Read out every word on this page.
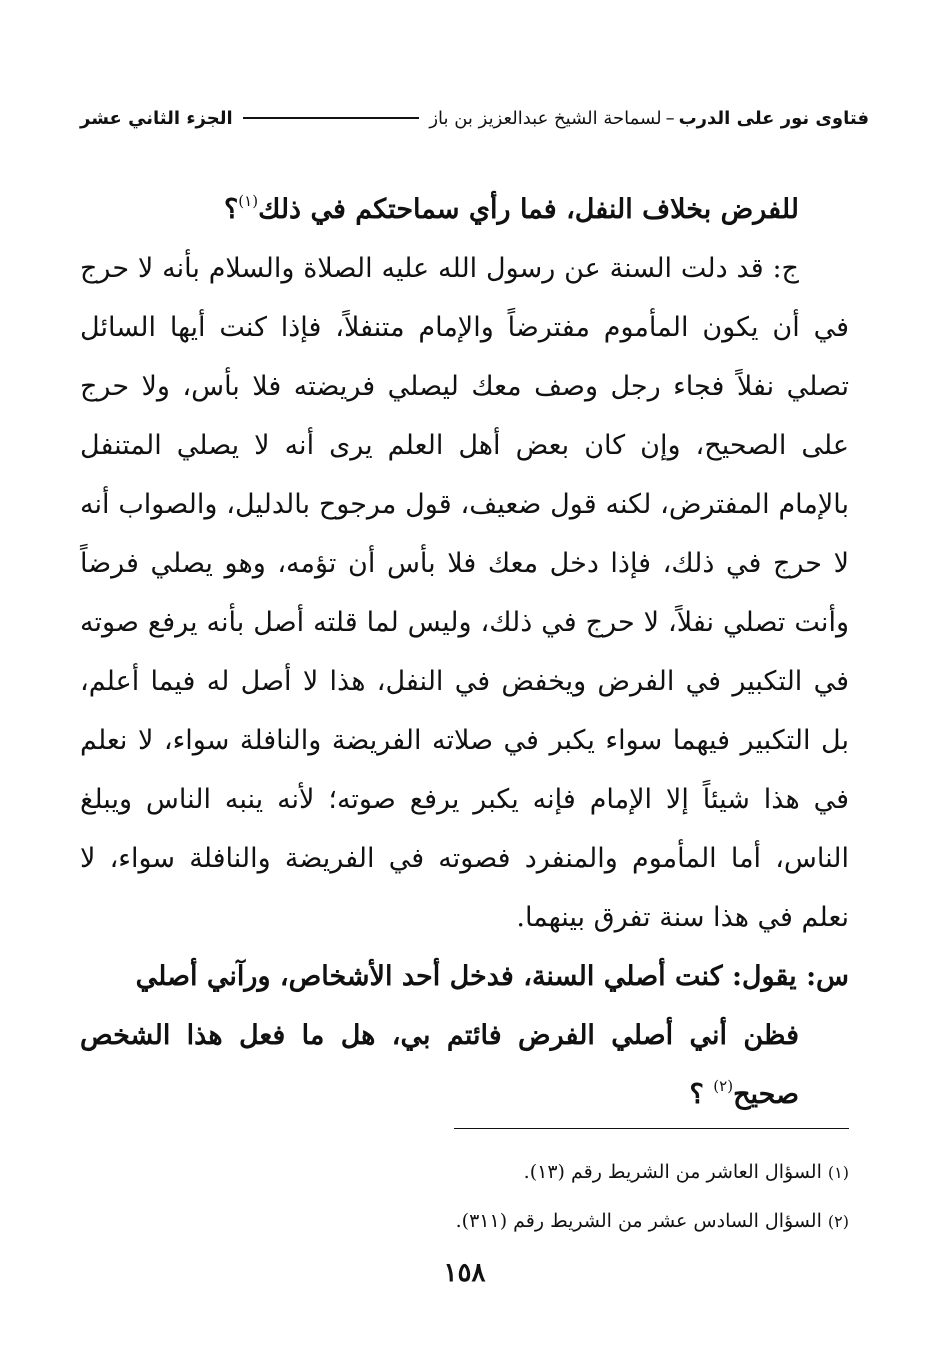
فتاوى نور على الدرب
–
لسماحة الشيخ عبدالعزيز بن باز
الجزء الثاني عشر

للفرض بخلاف النفل، فما رأي سماحتكم في ذلك$^{(١)}$؟

ج: قد دلت السنة عن رسول الله عليه الصلاة والسلام بأنه لا حرج في أن يكون المأموم مفترضاً والإمام متنفلاً، فإذا كنت أيها السائل تصلي نفلاً فجاء رجل وصف معك ليصلي فريضته فلا بأس، ولا حرج على الصحيح، وإن كان بعض أهل العلم يرى أنه لا يصلي المتنفل بالإمام المفترض، لكنه قول ضعيف، قول مرجوح بالدليل، والصواب أنه لا حرج في ذلك، فإذا دخل معك فلا بأس أن تؤمه، وهو يصلي فرضاً وأنت تصلي نفلاً، لا حرج في ذلك، وليس لما قلته أصل بأنه يرفع صوته في التكبير في الفرض ويخفض في النفل، هذا لا أصل له فيما أعلم، بل التكبير فيهما سواء يكبر في صلاته الفريضة والنافلة سواء، لا نعلم في هذا شيئاً إلا الإمام فإنه يكبر يرفع صوته؛ لأنه ينبه الناس ويبلغ الناس، أما المأموم والمنفرد فصوته في الفريضة والنافلة سواء، لا نعلم في هذا سنة تفرق بينهما.

س: يقول: كنت أصلي السنة، فدخل أحد الأشخاص، ورآني أصلي
فظن أني أصلي الفرض فائتم بي، هل ما فعل هذا الشخص صحيح$^{(٢)}$ ؟

(١) السؤال العاشر من الشريط رقم (١٣).

(٢) السؤال السادس عشر من الشريط رقم (٣١١).

١٥٨
